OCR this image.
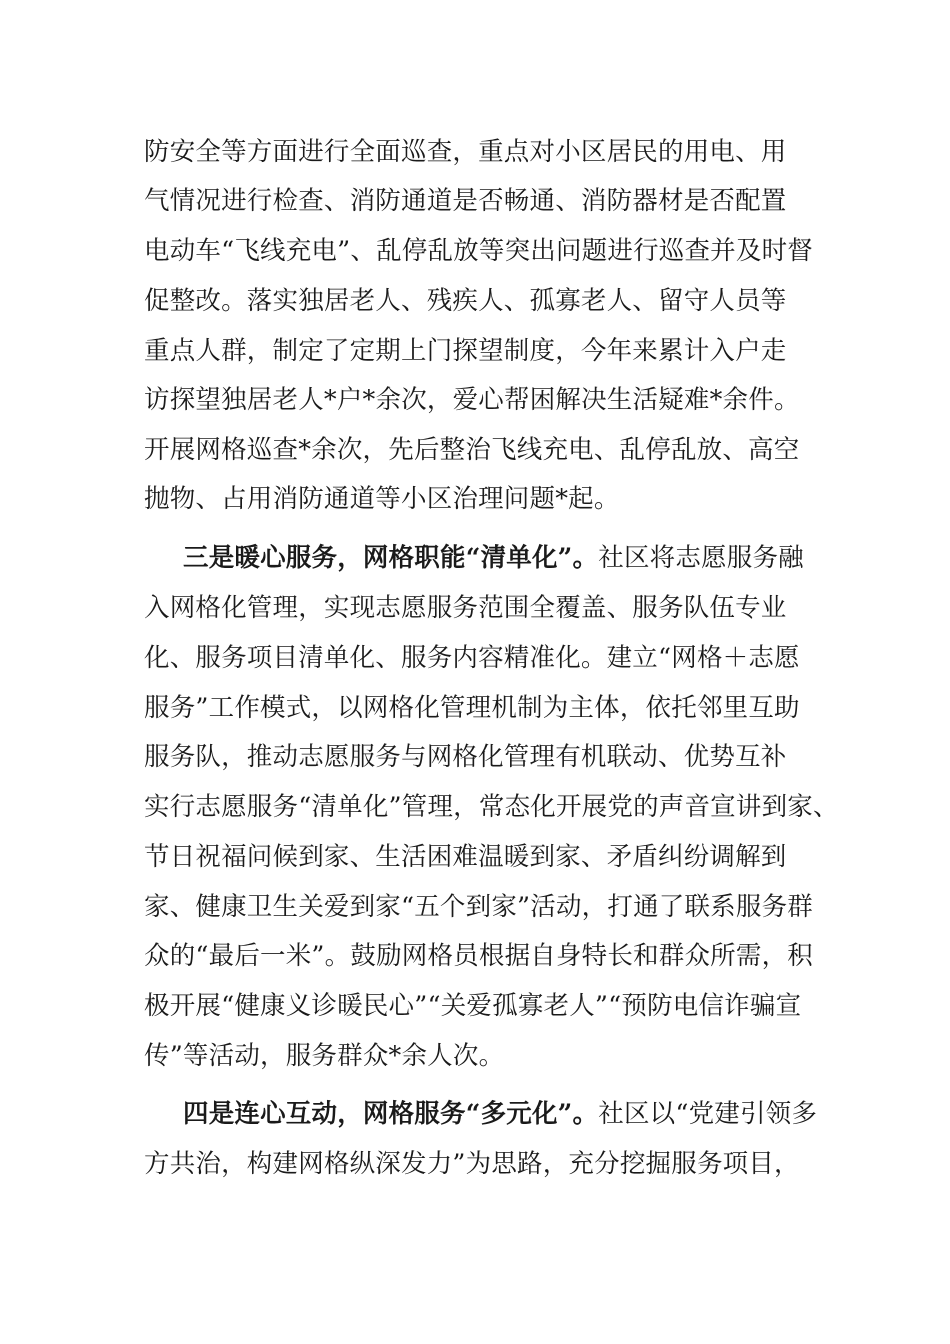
防安全等方面进行全面巡查，重点对小区居民的用电、用
气情况进行检查、消防通道是否畅通、消防器材是否配置
电动车“飞线充电”、乱停乱放等突出问题进行巡查并及时督
促整改。落实独居老人、残疾人、孤寡老人、留守人员等
重点人群，制定了定期上门探望制度，今年来累计入户走
访探望独居老人*户*余次，爱心帮困解决生活疑难*余件。
开展网格巡查*余次，先后整治飞线充电、乱停乱放、高空
抛物、占用消防通道等小区治理问题*起。
三是暖心服务，网格职能“清单化”。社区将志愿服务融
入网格化管理，实现志愿服务范围全覆盖、服务队伍专业
化、服务项目清单化、服务内容精准化。建立“网格＋志愿
服务”工作模式，以网格化管理机制为主体，依托邻里互助
服务队，推动志愿服务与网格化管理有机联动、优势互补
实行志愿服务“清单化”管理，常态化开展党的声音宣讲到家、
节日祝福问候到家、生活困难温暖到家、矛盾纠纷调解到
家、健康卫生关爱到家“五个到家”活动，打通了联系服务群
众的“最后一米”。鼓励网格员根据自身特长和群众所需，积
极开展“健康义诊暖民心”“关爱孤寡老人”“预防电信诈骗宣
传”等活动，服务群众*余人次。
四是连心互动，网格服务“多元化”。社区以“党建引领多
方共治，构建网格纵深发力”为思路，充分挖掘服务项目，
